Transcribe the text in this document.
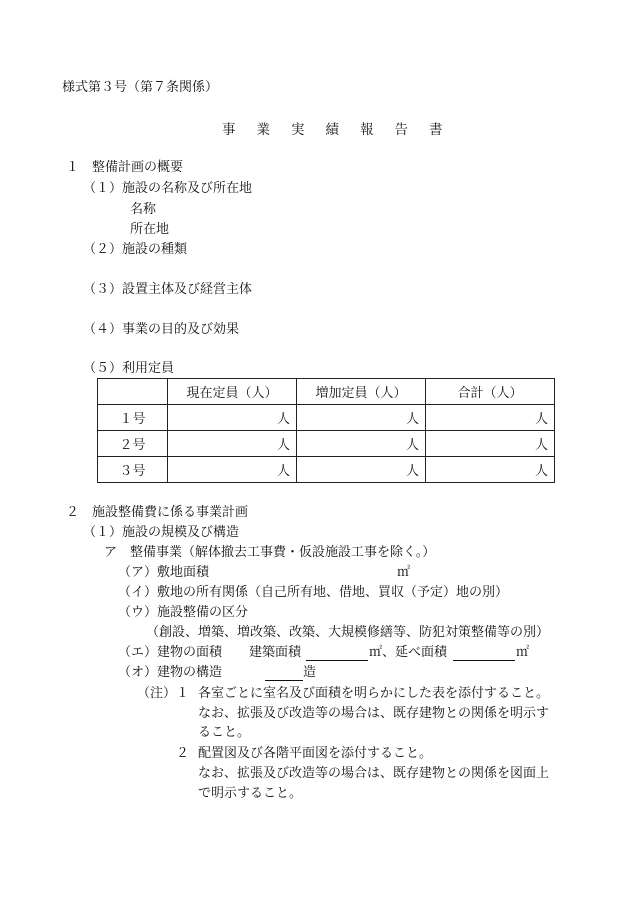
様式第３号（第７条関係）
事業実績報告書
１　整備計画の概要
（１）施設の名称及び所在地
名称
所在地
（２）施設の種類
（３）設置主体及び経営主体
（４）事業の目的及び効果
（５）利用定員
	現在定員（人）	増加定員（人）	合計（人）
１号	人	人	人
２号	人	人	人
３号	人	人	人
２　施設整備費に係る事業計画
（１）施設の規模及び構造
ア　整備事業（解体撤去工事費・仮設施設工事を除く。）
（ア）敷地面積	㎡
（イ）敷地の所有関係（自己所有地、借地、買収（予定）地の別）
（ウ）施設整備の区分
（創設、増築、増改築、改築、大規模修繕等、防犯対策整備等の別）
（エ）建物の面積 建築面積	㎡、延べ面積	㎡
（オ）建物の構造	造
（注）１ 各室ごとに室名及び面積を明らかにした表を添付すること。
なお、拡張及び改造等の場合は、既存建物との関係を明示す
ること。
２ 配置図及び各階平面図を添付すること。
なお、拡張及び改造等の場合は、既存建物との関係を図面上
で明示すること。
